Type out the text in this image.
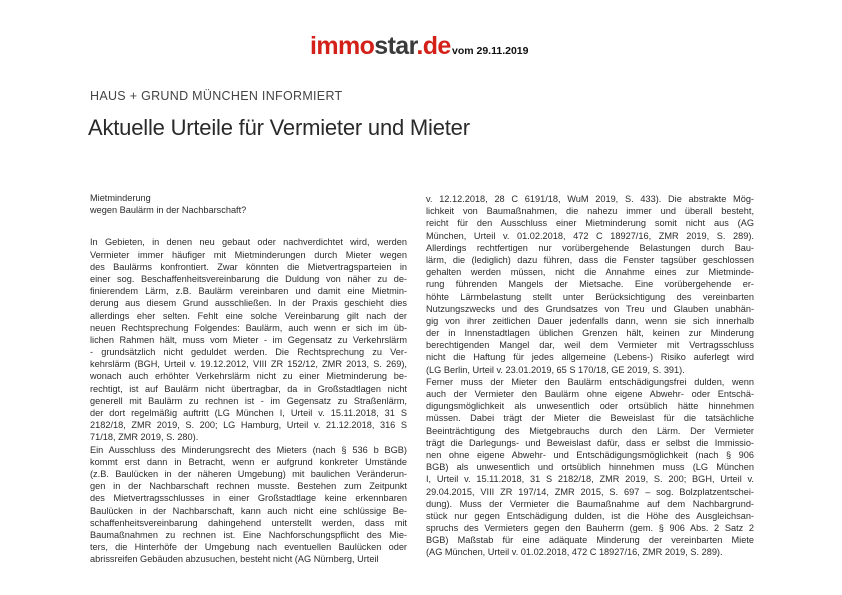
immostar.de vom 29.11.2019
HAUS + GRUND MÜNCHEN INFORMIERT
Aktuelle Urteile für Vermieter und Mieter
Mietminderung
wegen Baulärm in der Nachbarschaft?
In Gebieten, in denen neu gebaut oder nachverdichtet wird, werden
Vermieter immer häufiger mit Mietminderungen durch Mieter wegen
des Baulärms konfrontiert. Zwar könnten die Mietvertragsparteien in
einer sog. Beschaffenheitsvereinbarung die Duldung von näher zu de-
finierendem Lärm, z.B. Baulärm vereinbaren und damit eine Mietmin-
derung aus diesem Grund ausschließen. In der Praxis geschieht dies
allerdings eher selten. Fehlt eine solche Vereinbarung gilt nach der
neuen Rechtsprechung Folgendes: Baulärm, auch wenn er sich im üb-
lichen Rahmen hält, muss vom Mieter - im Gegensatz zu Verkehrslärm
- grundsätzlich nicht geduldet werden. Die Rechtsprechung zu Ver-
kehrslärm (BGH, Urteil v. 19.12.2012, VIII ZR 152/12, ZMR 2013, S. 269),
wonach auch erhöhter Verkehrslärm nicht zu einer Mietminderung be-
rechtigt, ist auf Baulärm nicht übertragbar, da in Großstadtlagen nicht
generell mit Baulärm zu rechnen ist - im Gegensatz zu Straßenlärm,
der dort regelmäßig auftritt (LG München I, Urteil v. 15.11.2018, 31 S
2182/18, ZMR 2019, S. 200; LG Hamburg, Urteil v. 21.12.2018, 316 S
71/18, ZMR 2019, S. 280).
Ein Ausschluss des Minderungsrecht des Mieters (nach § 536 b BGB)
kommt erst dann in Betracht, wenn er aufgrund konkreter Umstände
(z.B. Baulücken in der näheren Umgebung) mit baulichen Veränderun-
gen in der Nachbarschaft rechnen musste. Bestehen zum Zeitpunkt
des Mietvertragsschlusses in einer Großstadtlage keine erkennbaren
Baulücken in der Nachbarschaft, kann auch nicht eine schlüssige Be-
schaffenheitsvereinbarung dahingehend unterstellt werden, dass mit
Baumaßnahmen zu rechnen ist. Eine Nachforschungspflicht des Mie-
ters, die Hinterhöfe der Umgebung nach eventuellen Baulücken oder
abrissreifen Gebäuden abzusuchen, besteht nicht (AG Nürnberg, Urteil
v. 12.12.2018, 28 C 6191/18, WuM 2019, S. 433). Die abstrakte Mög-
lichkeit von Baumaßnahmen, die nahezu immer und überall besteht,
reicht für den Ausschluss einer Mietminderung somit nicht aus (AG
München, Urteil v. 01.02.2018, 472 C 18927/16, ZMR 2019, S. 289).
Allerdings rechtfertigen nur vorübergehende Belastungen durch Bau-
lärm, die (lediglich) dazu führen, dass die Fenster tagsüber geschlossen
gehalten werden müssen, nicht die Annahme eines zur Mietminde-
rung führenden Mangels der Mietsache. Eine vorübergehende er-
höhte Lärmbelastung stellt unter Berücksichtigung des vereinbarten
Nutzungszwecks und des Grundsatzes von Treu und Glauben unabhän-
gig von ihrer zeitlichen Dauer jedenfalls dann, wenn sie sich innerhalb
der in Innenstadtlagen üblichen Grenzen hält, keinen zur Minderung
berechtigenden Mangel dar, weil dem Vermieter mit Vertragsschluss
nicht die Haftung für jedes allgemeine (Lebens-) Risiko auferlegt wird
(LG Berlin, Urteil v. 23.01.2019, 65 S 170/18, GE 2019, S. 391).
Ferner muss der Mieter den Baulärm entschädigungsfrei dulden, wenn
auch der Vermieter den Baulärm ohne eigene Abwehr- oder Entschä-
digungsmöglichkeit als unwesentlich oder ortsüblich hätte hinnehmen
müssen. Dabei trägt der Mieter die Beweislast für die tatsächliche
Beeinträchtigung des Mietgebrauchs durch den Lärm. Der Vermieter
trägt die Darlegungs- und Beweislast dafür, dass er selbst die Immissio-
nen ohne eigene Abwehr- und Entschädigungsmöglichkeit (nach § 906
BGB) als unwesentlich und ortsüblich hinnehmen muss (LG München
I, Urteil v. 15.11.2018, 31 S 2182/18, ZMR 2019, S. 200; BGH, Urteil v.
29.04.2015, VIII ZR 197/14, ZMR 2015, S. 697 – sog. Bolzplatzentschei-
dung). Muss der Vermieter die Baumaßnahme auf dem Nachbargrund-
stück nur gegen Entschädigung dulden, ist die Höhe des Ausgleichsan-
spruchs des Vermieters gegen den Bauherrn (gem. § 906 Abs. 2 Satz 2
BGB) Maßstab für eine adäquate Minderung der vereinbarten Miete
(AG München, Urteil v. 01.02.2018, 472 C 18927/16, ZMR 2019, S. 289).
